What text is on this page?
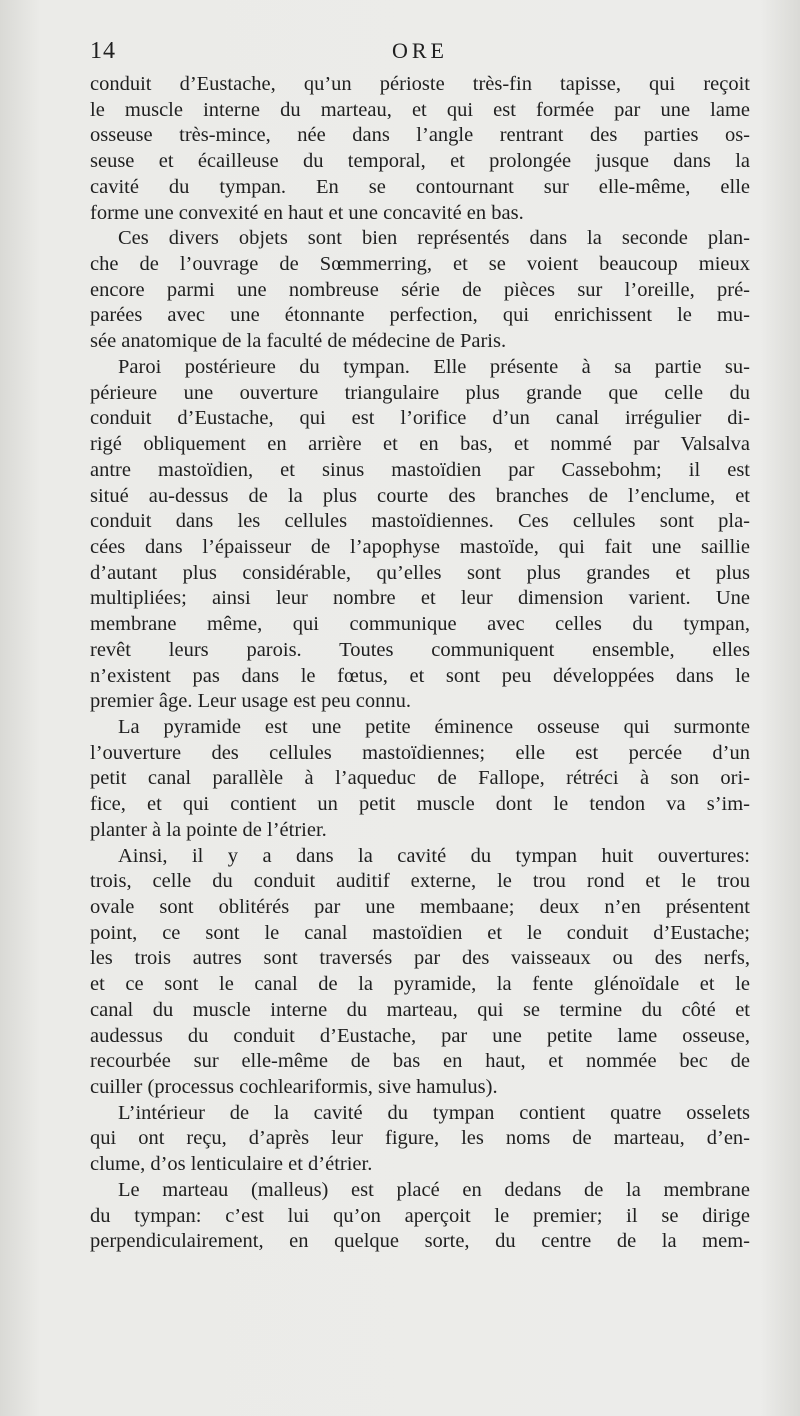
14	ORE
conduit d’Eustache, qu’un périoste très-fin tapisse, qui reçoit
le muscle interne du marteau, et qui est formée par une lame
osseuse très-mince, née dans l’angle rentrant des parties os-
seuse et écailleuse du temporal, et prolongée jusque dans la
cavité du tympan. En se contournant sur elle-même, elle
forme une convexité en haut et une concavité en bas.
Ces divers objets sont bien représentés dans la seconde plan-
che de l’ouvrage de Sœmmerring, et se voient beaucoup mieux
encore parmi une nombreuse série de pièces sur l’oreille, pré-
parées avec une étonnante perfection, qui enrichissent le mu-
sée anatomique de la faculté de médecine de Paris.
Paroi postérieure du tympan. Elle présente à sa partie su-
périeure une ouverture triangulaire plus grande que celle du
conduit d’Eustache, qui est l’orifice d’un canal irrégulier di-
rigé obliquement en arrière et en bas, et nommé par Valsalva
antre mastoïdien, et sinus mastoïdien par Cassebohm; il est
situé au-dessus de la plus courte des branches de l’enclume, et
conduit dans les cellules mastoïdiennes. Ces cellules sont pla-
cées dans l’épaisseur de l’apophyse mastoïde, qui fait une saillie
d’autant plus considérable, qu’elles sont plus grandes et plus
multipliées; ainsi leur nombre et leur dimension varient. Une
membrane même, qui communique avec celles du tympan,
revêt leurs parois. Toutes communiquent ensemble, elles
n’existent pas dans le fœtus, et sont peu développées dans le
premier âge. Leur usage est peu connu.
La pyramide est une petite éminence osseuse qui surmonte
l’ouverture des cellules mastoïdiennes; elle est percée d’un
petit canal parallèle à l’aqueduc de Fallope, rétréci à son ori-
fice, et qui contient un petit muscle dont le tendon va s’im-
planter à la pointe de l’étrier.
Ainsi, il y a dans la cavité du tympan huit ouvertures:
trois, celle du conduit auditif externe, le trou rond et le trou
ovale sont oblitérés par une membaane; deux n’en présentent
point, ce sont le canal mastoïdien et le conduit d’Eustache;
les trois autres sont traversés par des vaisseaux ou des nerfs,
et ce sont le canal de la pyramide, la fente glénoïdale et le
canal du muscle interne du marteau, qui se termine du côté et
audessus du conduit d’Eustache, par une petite lame osseuse,
recourbée sur elle-même de bas en haut, et nommée bec de
cuiller (processus cochleariformis, sive hamulus).
L’intérieur de la cavité du tympan contient quatre osselets
qui ont reçu, d’après leur figure, les noms de marteau, d’en-
clume, d’os lenticulaire et d’étrier.
Le marteau (malleus) est placé en dedans de la membrane
du tympan: c’est lui qu’on aperçoit le premier; il se dirige
perpendiculairement, en quelque sorte, du centre de la mem-
